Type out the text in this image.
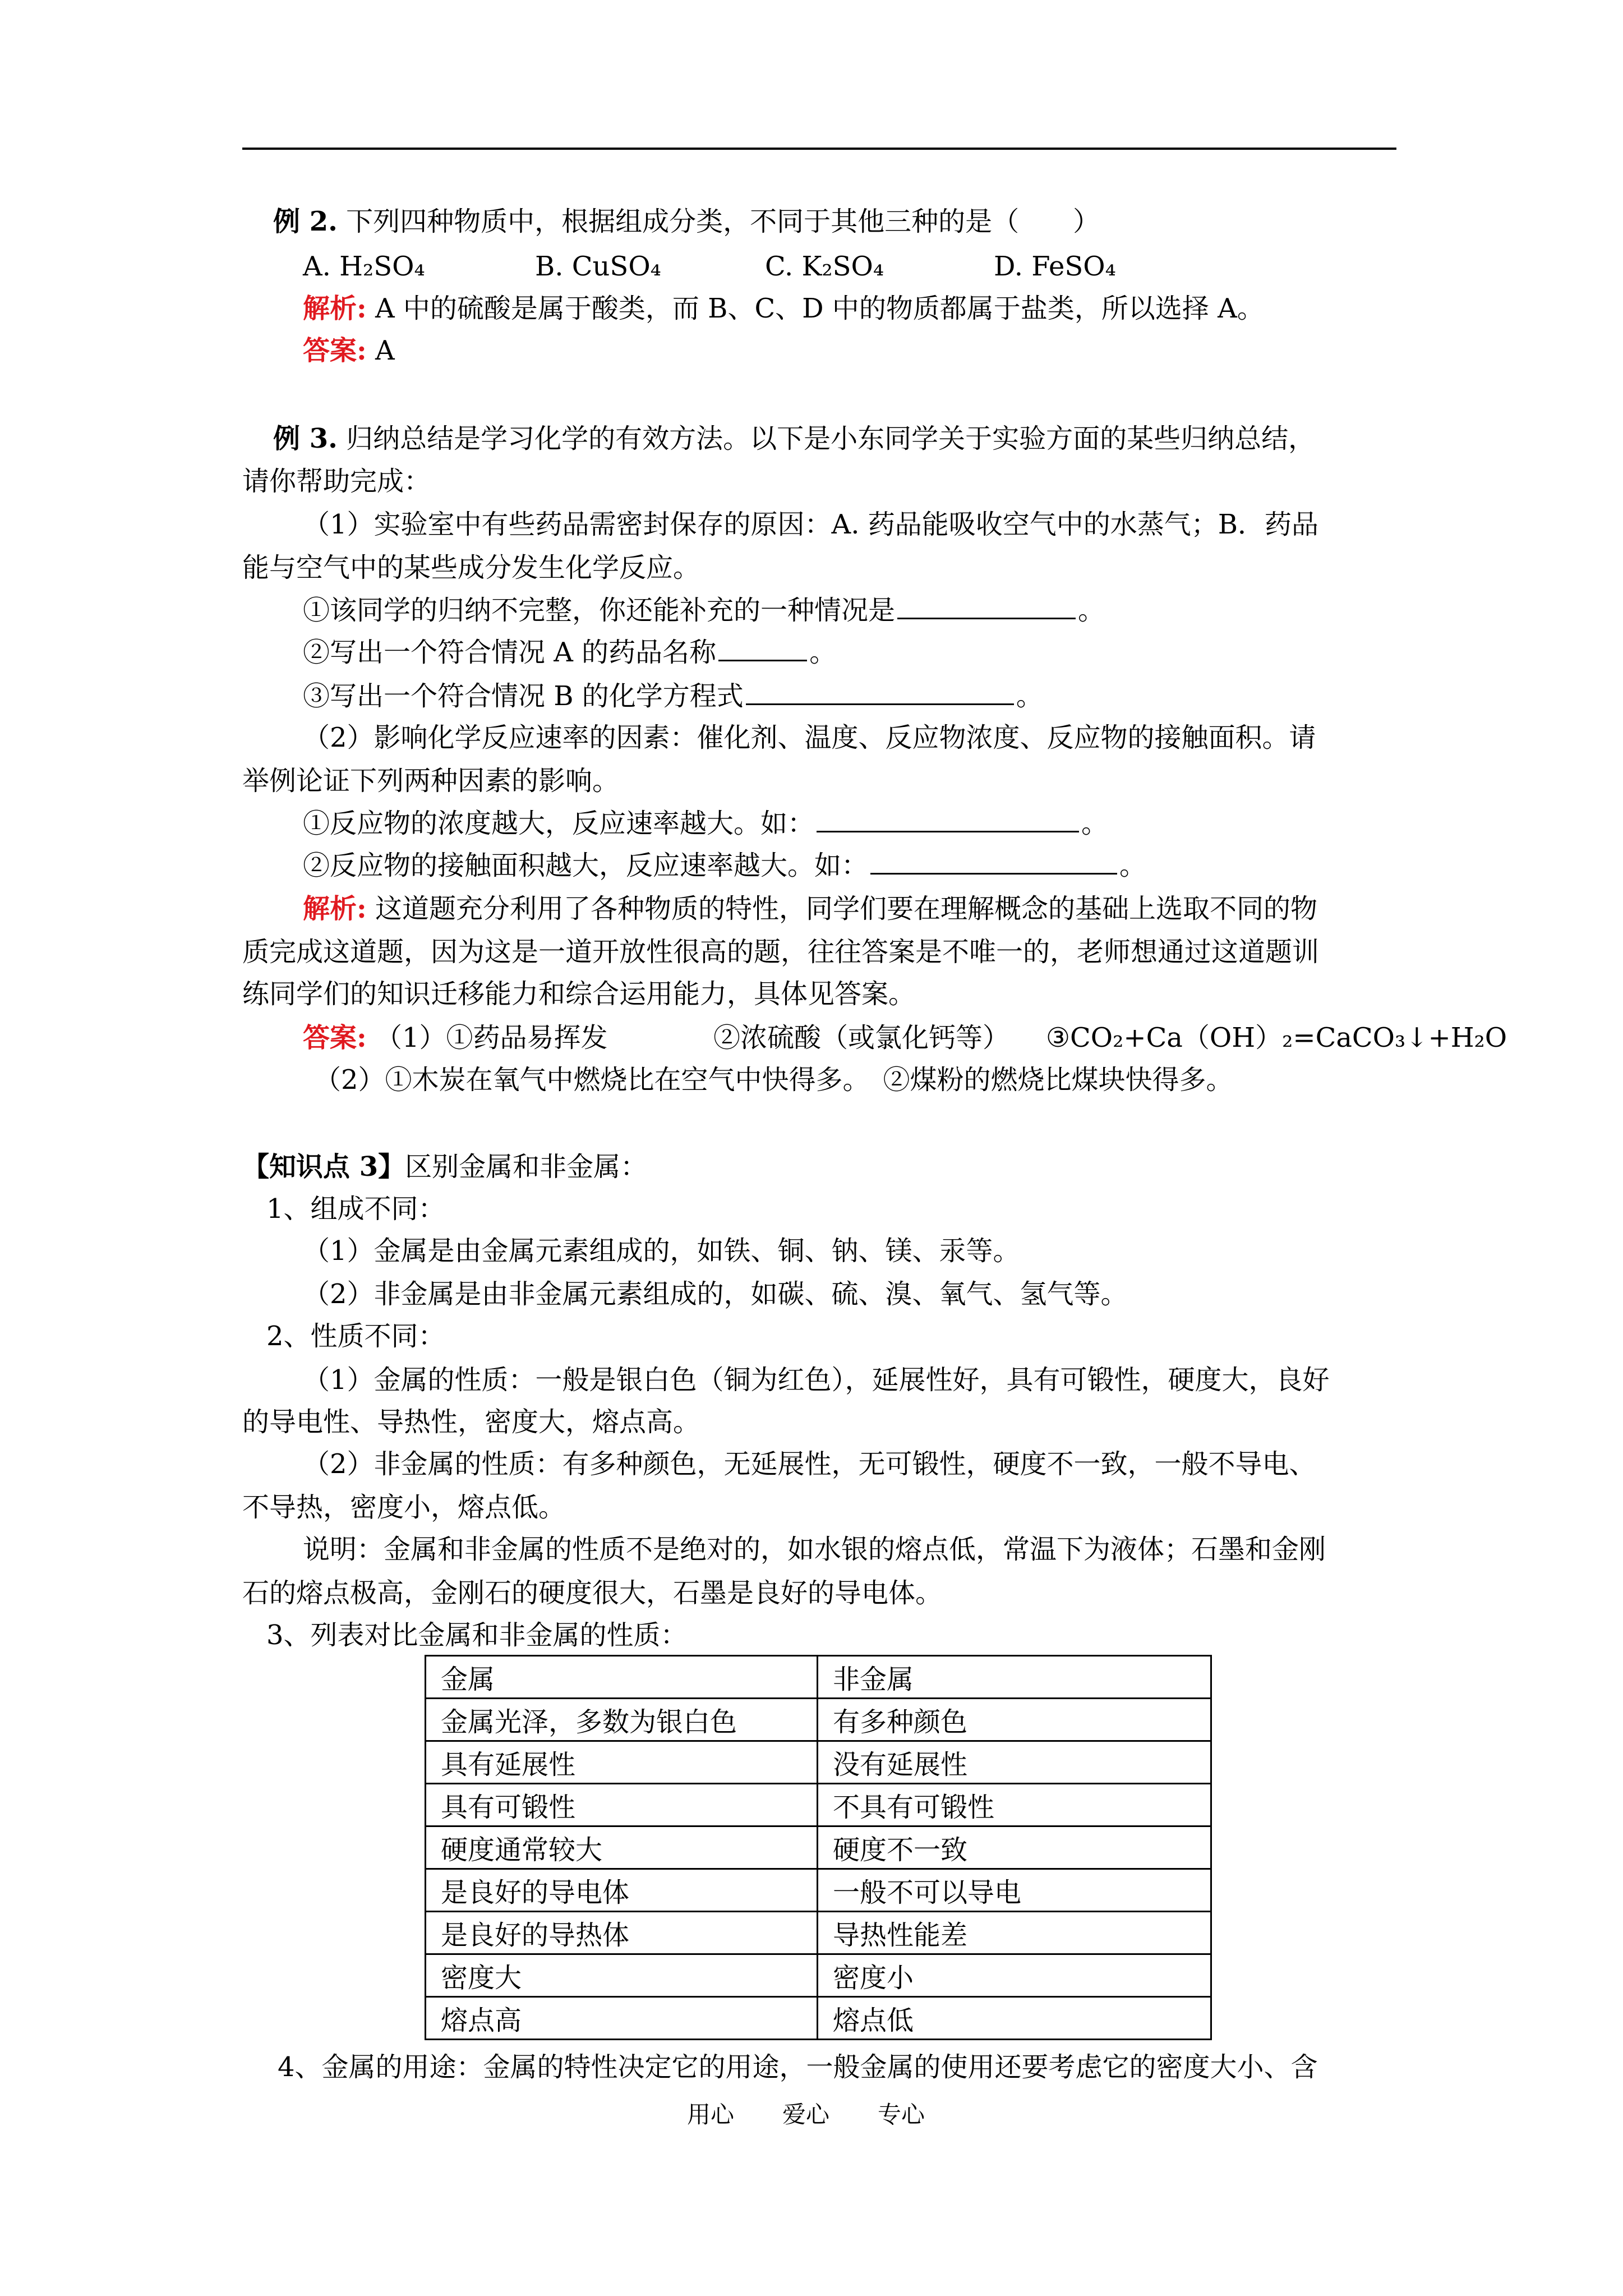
例 2. 下列四种物质中，根据组成分类，不同于其他三种的是（　　）
A. H₂SO₄	B. CuSO₄	C. K₂SO₄	D. FeSO₄
解析: A 中的硫酸是属于酸类，而 B、C、D 中的物质都属于盐类，所以选择 A。
答案: A
例 3. 归纳总结是学习化学的有效方法。以下是小东同学关于实验方面的某些归纳总结，
请你帮助完成：
（1）实验室中有些药品需密封保存的原因：A. 药品能吸收空气中的水蒸气；B．药品
能与空气中的某些成分发生化学反应。
①该同学的归纳不完整，你还能补充的一种情况是	。
②写出一个符合情况 A 的药品名称	。
③写出一个符合情况 B 的化学方程式	。
（2）影响化学反应速率的因素：催化剂、温度、反应物浓度、反应物的接触面积。请
举例论证下列两种因素的影响。
①反应物的浓度越大，反应速率越大。如：	。
②反应物的接触面积越大，反应速率越大。如：	。
解析: 这道题充分利用了各种物质的特性，同学们要在理解概念的基础上选取不同的物
质完成这道题，因为这是一道开放性很高的题，往往答案是不唯一的，老师想通过这道题训
练同学们的知识迁移能力和综合运用能力，具体见答案。
答案: （1）①药品易挥发	②浓硫酸（或氯化钙等） ③CO₂+Ca（OH）₂=CaCO₃↓+H₂O
（2）①木炭在氧气中燃烧比在空气中快得多。　②煤粉的燃烧比煤块快得多。
【知识点 3】区别金属和非金属：
1、组成不同：
（1）金属是由金属元素组成的，如铁、铜、钠、镁、汞等。
（2）非金属是由非金属元素组成的，如碳、硫、溴、氧气、氢气等。
2、性质不同：
（1）金属的性质：一般是银白色（铜为红色），延展性好，具有可锻性，硬度大，良好
的导电性、导热性，密度大，熔点高。
（2）非金属的性质：有多种颜色，无延展性，无可锻性，硬度不一致，一般不导电、
不导热，密度小，熔点低。
说明：金属和非金属的性质不是绝对的，如水银的熔点低，常温下为液体；石墨和金刚
石的熔点极高，金刚石的硬度很大，石墨是良好的导电体。
3、列表对比金属和非金属的性质：
金属	非金属
金属光泽，多数为银白色	有多种颜色
具有延展性	没有延展性
具有可锻性	不具有可锻性
硬度通常较大	硬度不一致
是良好的导电体	一般不可以导电
是良好的导热体	导热性能差
密度大	密度小
熔点高	熔点低
4、金属的用途：金属的特性决定它的用途，一般金属的使用还要考虑它的密度大小、含
用心 爱心 专心
